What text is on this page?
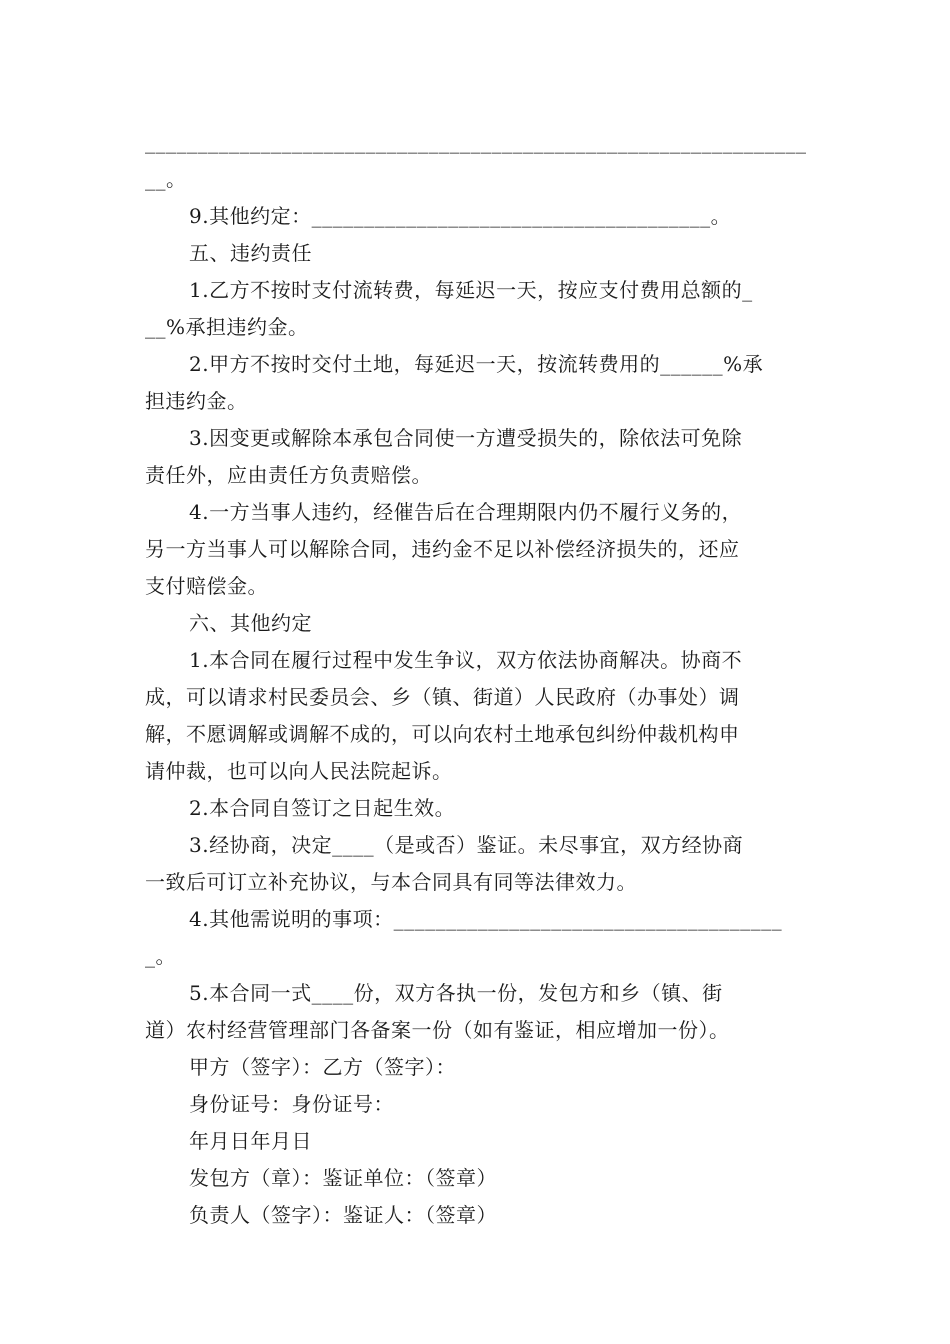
_______________________________________________________________
__。
9.其他约定：______________________________________。
五、违约责任
1.乙方不按时支付流转费，每延迟一天，按应支付费用总额的_
__%承担违约金。
2.甲方不按时交付土地，每延迟一天，按流转费用的______%承
担违约金。
3.因变更或解除本承包合同使一方遭受损失的，除依法可免除
责任外，应由责任方负责赔偿。
4.一方当事人违约，经催告后在合理期限内仍不履行义务的，
另一方当事人可以解除合同，违约金不足以补偿经济损失的，还应
支付赔偿金。
六、其他约定
1.本合同在履行过程中发生争议，双方依法协商解决。协商不
成，可以请求村民委员会、乡（镇、街道）人民政府（办事处）调
解，不愿调解或调解不成的，可以向农村土地承包纠纷仲裁机构申
请仲裁，也可以向人民法院起诉。
2.本合同自签订之日起生效。
3.经协商，决定____（是或否）鉴证。未尽事宜，双方经协商
一致后可订立补充协议，与本合同具有同等法律效力。
4.其他需说明的事项：_____________________________________
_。
5.本合同一式____份，双方各执一份，发包方和乡（镇、街
道）农村经营管理部门各备案一份（如有鉴证，相应增加一份）。
甲方（签字）：乙方（签字）：
身份证号：身份证号：
年月日年月日
发包方（章）：鉴证单位：（签章）
负责人（签字）：鉴证人：（签章）
